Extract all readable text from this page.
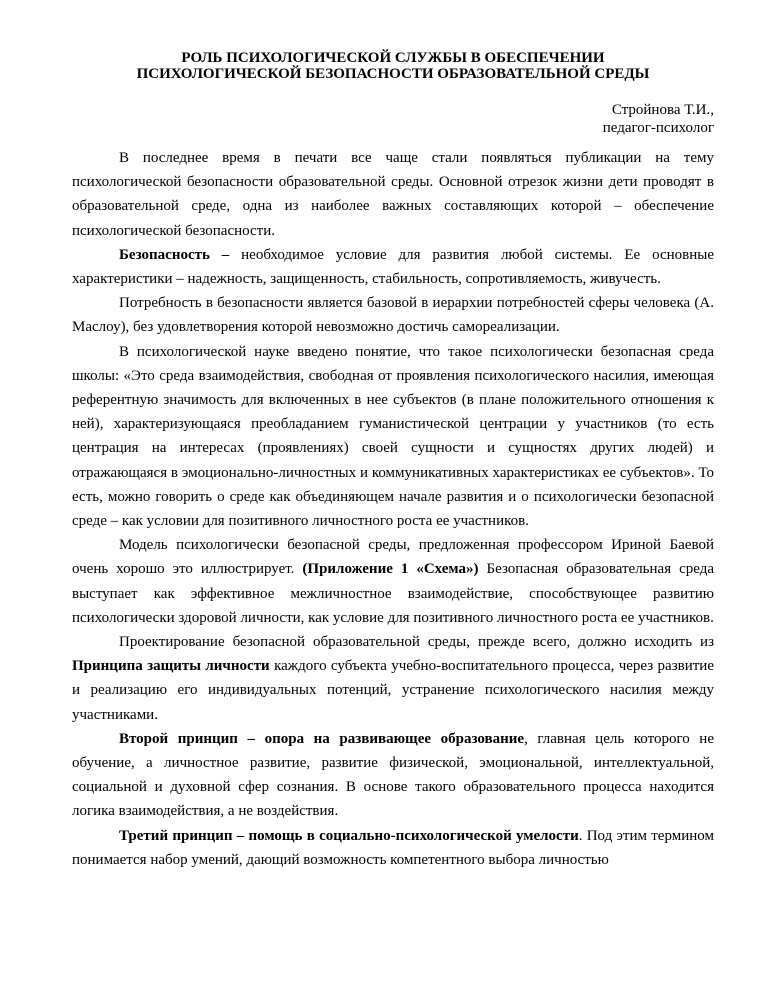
РОЛЬ ПСИХОЛОГИЧЕСКОЙ СЛУЖБЫ В ОБЕСПЕЧЕНИИ
ПСИХОЛОГИЧЕСКОЙ БЕЗОПАСНОСТИ ОБРАЗОВАТЕЛЬНОЙ СРЕДЫ
Стройнова Т.И.,
педагог-психолог

В последнее время в печати все чаще стали появляться публикации на тему психологической безопасности образовательной среды. Основной отрезок жизни дети проводят в образовательной среде, одна из наиболее важных составляющих которой – обеспечение психологической безопасности.

Безопасность – необходимое условие для развития любой системы. Ее основные характеристики – надежность, защищенность, стабильность, сопротивляемость, живучесть.

Потребность в безопасности является базовой в иерархии потребностей сферы человека (А. Маслоу), без удовлетворения которой невозможно достичь самореализации.

В психологической науке введено понятие, что такое психологически безопасная среда школы: «Это среда взаимодействия, свободная от проявления психологического насилия, имеющая референтную значимость для включенных в нее субъектов (в плане положительного отношения к ней), характеризующаяся преобладанием гуманистической центрации у участников (то есть центрация на интересах (проявлениях) своей сущности и сущностях других людей) и отражающаяся в эмоционально-личностных и коммуникативных характеристиках ее субъектов». То есть, можно говорить о среде как объединяющем начале развития и о психологически безопасной среде – как условии для позитивного личностного роста ее участников.

Модель психологически безопасной среды, предложенная профессором Ириной Баевой очень хорошо это иллюстрирует. (Приложение 1 «Схема») Безопасная образовательная среда выступает как эффективное межличностное взаимодействие, способствующее развитию психологически здоровой личности, как условие для позитивного личностного роста ее участников.

Проектирование безопасной образовательной среды, прежде всего, должно исходить из Принципа защиты личности каждого субъекта учебно-воспитательного процесса, через развитие и реализацию его индивидуальных потенций, устранение психологического насилия между участниками.

Второй принцип – опора на развивающее образование, главная цель которого не обучение, а личностное развитие, развитие физической, эмоциональной, интеллектуальной, социальной и духовной сфер сознания. В основе такого образовательного процесса находится логика взаимодействия, а не воздействия.

Третий принцип – помощь в социально-психологической умелости. Под этим термином понимается набор умений, дающий возможность компетентного выбора личностью
